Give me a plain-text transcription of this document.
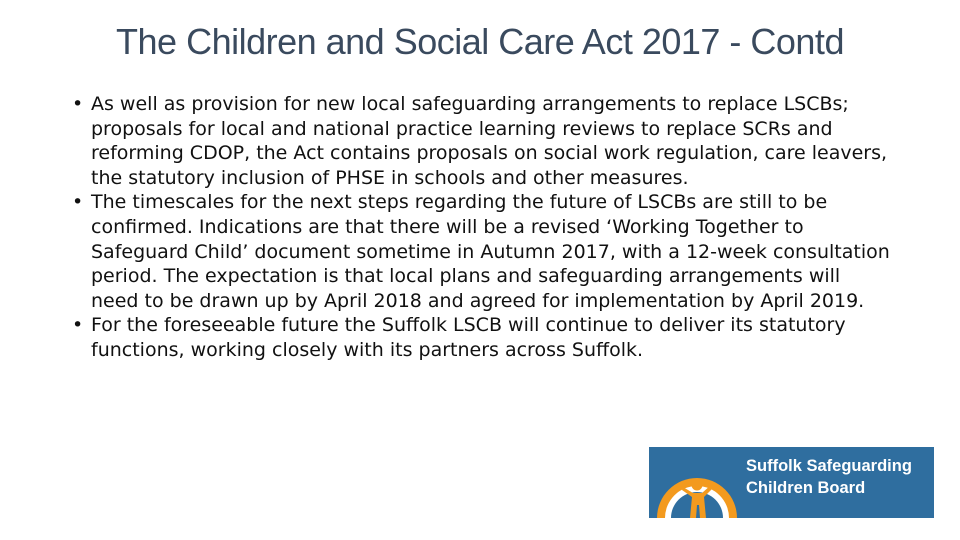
The Children and Social Care Act 2017 - Contd
• As well as provision for new local safeguarding arrangements to replace LSCBs; proposals for local and national practice learning reviews to replace SCRs and reforming CDOP, the Act contains proposals on social work regulation, care leavers, the statutory inclusion of PHSE in schools and other measures.
• The timescales for the next steps regarding the future of LSCBs are still to be confirmed. Indications are that there will be a revised ‘Working Together to Safeguard Child’ document sometime in Autumn 2017, with a 12-week consultation period. The expectation is that local plans and safeguarding arrangements will need to be drawn up by April 2018 and agreed for implementation by April 2019.
• For the foreseeable future the Suffolk LSCB will continue to deliver its statutory functions, working closely with its partners across Suffolk.
Suffolk Safeguarding
Children Board
